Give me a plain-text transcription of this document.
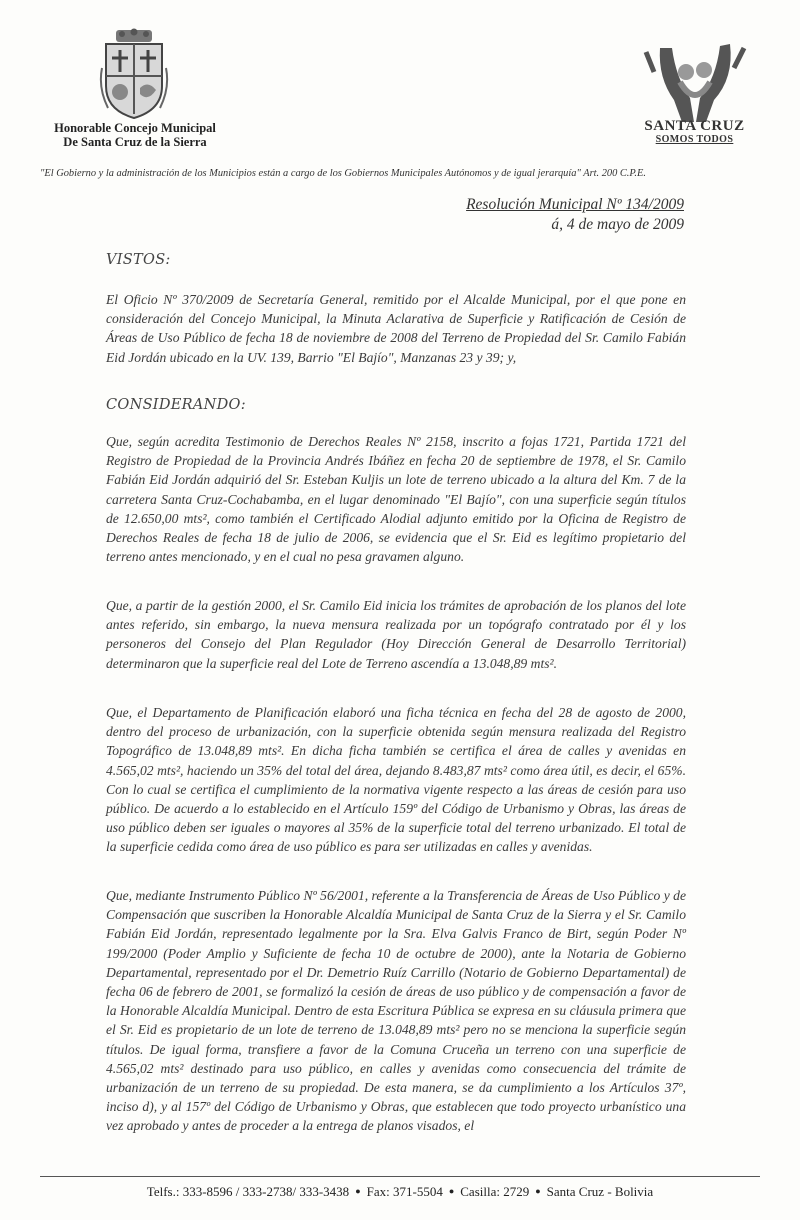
Honorable Concejo Municipal
De Santa Cruz de la Sierra
SANTA CRUZ
SOMOS TODOS
"El Gobierno y la administración de los Municipios están a cargo de los Gobiernos Municipales Autónomos y de igual jerarquía" Art. 200 C.P.E.
Resolución Municipal Nº 134/2009
á, 4 de mayo de 2009
VISTOS:
El Oficio Nº 370/2009 de Secretaría General, remitido por el Alcalde Municipal, por el que pone en consideración del Concejo Municipal, la Minuta Aclarativa de Superficie y Ratificación de Cesión de Áreas de Uso Público de fecha 18 de noviembre de 2008 del Terreno de Propiedad del Sr. Camilo Fabián Eid Jordán ubicado en la UV. 139, Barrio "El Bajío", Manzanas 23 y 39; y,
CONSIDERANDO:
Que, según acredita Testimonio de Derechos Reales Nº 2158, inscrito a fojas 1721, Partida 1721 del Registro de Propiedad de la Provincia Andrés Ibáñez en fecha 20 de septiembre de 1978, el Sr. Camilo Fabián Eid Jordán adquirió del Sr. Esteban Kuljis un lote de terreno ubicado a la altura del Km. 7 de la carretera Santa Cruz-Cochabamba, en el lugar denominado "El Bajío", con una superficie según títulos de 12.650,00 mts², como también el Certificado Alodial adjunto emitido por la Oficina de Registro de Derechos Reales de fecha 18 de julio de 2006, se evidencia que el Sr. Eid es legítimo propietario del terreno antes mencionado, y en el cual no pesa gravamen alguno.
Que, a partir de la gestión 2000, el Sr. Camilo Eid inicia los trámites de aprobación de los planos del lote antes referido, sin embargo, la nueva mensura realizada por un topógrafo contratado por él y los personeros del Consejo del Plan Regulador (Hoy Dirección General de Desarrollo Territorial) determinaron que la superficie real del Lote de Terreno ascendía a 13.048,89 mts².
Que, el Departamento de Planificación elaboró una ficha técnica en fecha del 28 de agosto de 2000, dentro del proceso de urbanización, con la superficie obtenida según mensura realizada del Registro Topográfico de 13.048,89 mts². En dicha ficha también se certifica el área de calles y avenidas en 4.565,02 mts², haciendo un 35% del total del área, dejando 8.483,87 mts² como área útil, es decir, el 65%. Con lo cual se certifica el cumplimiento de la normativa vigente respecto a las áreas de cesión para uso público. De acuerdo a lo establecido en el Artículo 159º del Código de Urbanismo y Obras, las áreas de uso público deben ser iguales o mayores al 35% de la superficie total del terreno urbanizado. El total de la superficie cedida como área de uso público es para ser utilizadas en calles y avenidas.
Que, mediante Instrumento Público Nº 56/2001, referente a la Transferencia de Áreas de Uso Público y de Compensación que suscriben la Honorable Alcaldía Municipal de Santa Cruz de la Sierra y el Sr. Camilo Fabián Eid Jordán, representado legalmente por la Sra. Elva Galvis Franco de Birt, según Poder Nº 199/2000 (Poder Amplio y Suficiente de fecha 10 de octubre de 2000), ante la Notaria de Gobierno Departamental, representado por el Dr. Demetrio Ruíz Carrillo (Notario de Gobierno Departamental) de fecha 06 de febrero de 2001, se formalizó la cesión de áreas de uso público y de compensación a favor de la Honorable Alcaldía Municipal. Dentro de esta Escritura Pública se expresa en su cláusula primera que el Sr. Eid es propietario de un lote de terreno de 13.048,89 mts² pero no se menciona la superficie según títulos. De igual forma, transfiere a favor de la Comuna Cruceña un terreno con una superficie de 4.565,02 mts² destinado para uso público, en calles y avenidas como consecuencia del trámite de urbanización de un terreno de su propiedad. De esta manera, se da cumplimiento a los Artículos 37º, inciso d), y al 157º del Código de Urbanismo y Obras, que establecen que todo proyecto urbanístico una vez aprobado y antes de proceder a la entrega de planos visados, el
Telfs.: 333-8596 / 333-2738/ 333-3438 ● Fax: 371-5504 ● Casilla: 2729 ● Santa Cruz - Bolivia
